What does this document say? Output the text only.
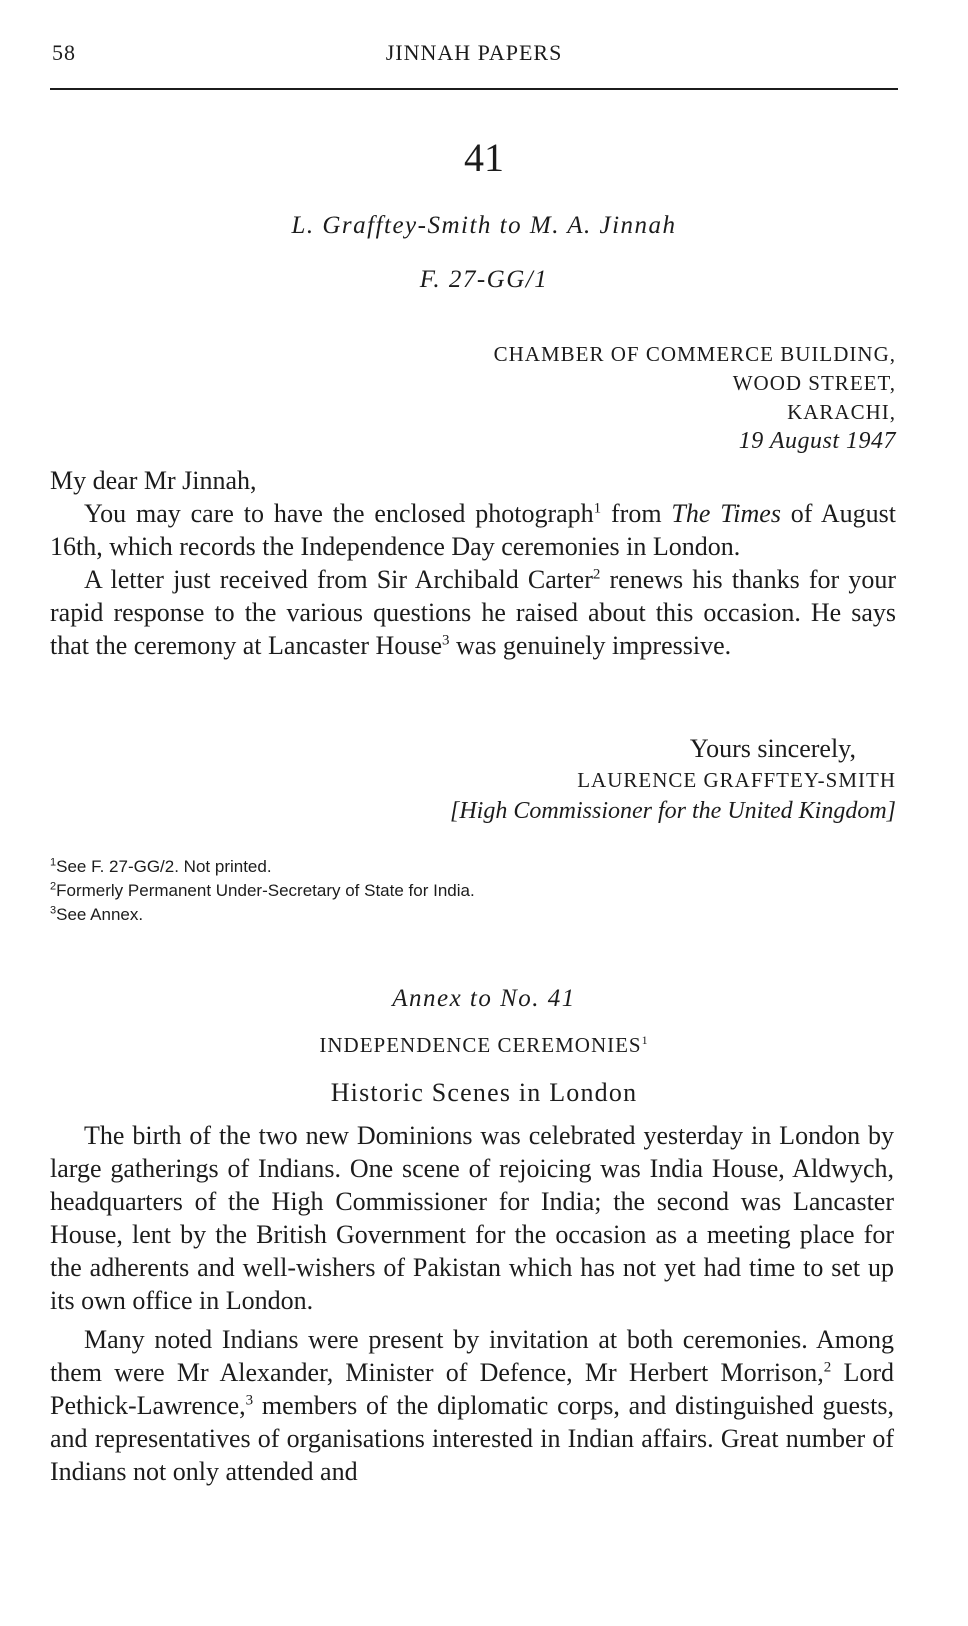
58	JINNAH PAPERS
41
L. Grafftey-Smith to M. A. Jinnah
F. 27-GG/1
CHAMBER OF COMMERCE BUILDING,
WOOD STREET,
KARACHI,
19 August 1947

My dear Mr Jinnah,

You may care to have the enclosed photograph$^1$ from The Times of August 16th, which records the Independence Day ceremonies in London.

A letter just received from Sir Archibald Carter$^2$ renews his thanks for your rapid response to the various questions he raised about this occasion. He says that the ceremony at Lancaster House$^3$ was genuinely impressive.

Yours sincerely,
LAURENCE GRAFFTEY-SMITH
[High Commissioner for the United Kingdom]
$^1$See F. 27-GG/2. Not printed.
$^2$Formerly Permanent Under-Secretary of State for India.
$^3$See Annex.
Annex to No. 41
INDEPENDENCE CEREMONIES$^1$
Historic Scenes in London

The birth of the two new Dominions was celebrated yesterday in London by large gatherings of Indians. One scene of rejoicing was India House, Aldwych, headquarters of the High Commissioner for India; the second was Lancaster House, lent by the British Government for the occasion as a meeting place for the adherents and well-wishers of Pakistan which has not yet had time to set up its own office in London.

Many noted Indians were present by invitation at both ceremonies. Among them were Mr Alexander, Minister of Defence, Mr Herbert Morrison,$^2$ Lord Pethick-Lawrence,$^3$ members of the diplomatic corps, and distinguished guests, and representatives of organisations interested in Indian affairs. Great number of Indians not only attended and
